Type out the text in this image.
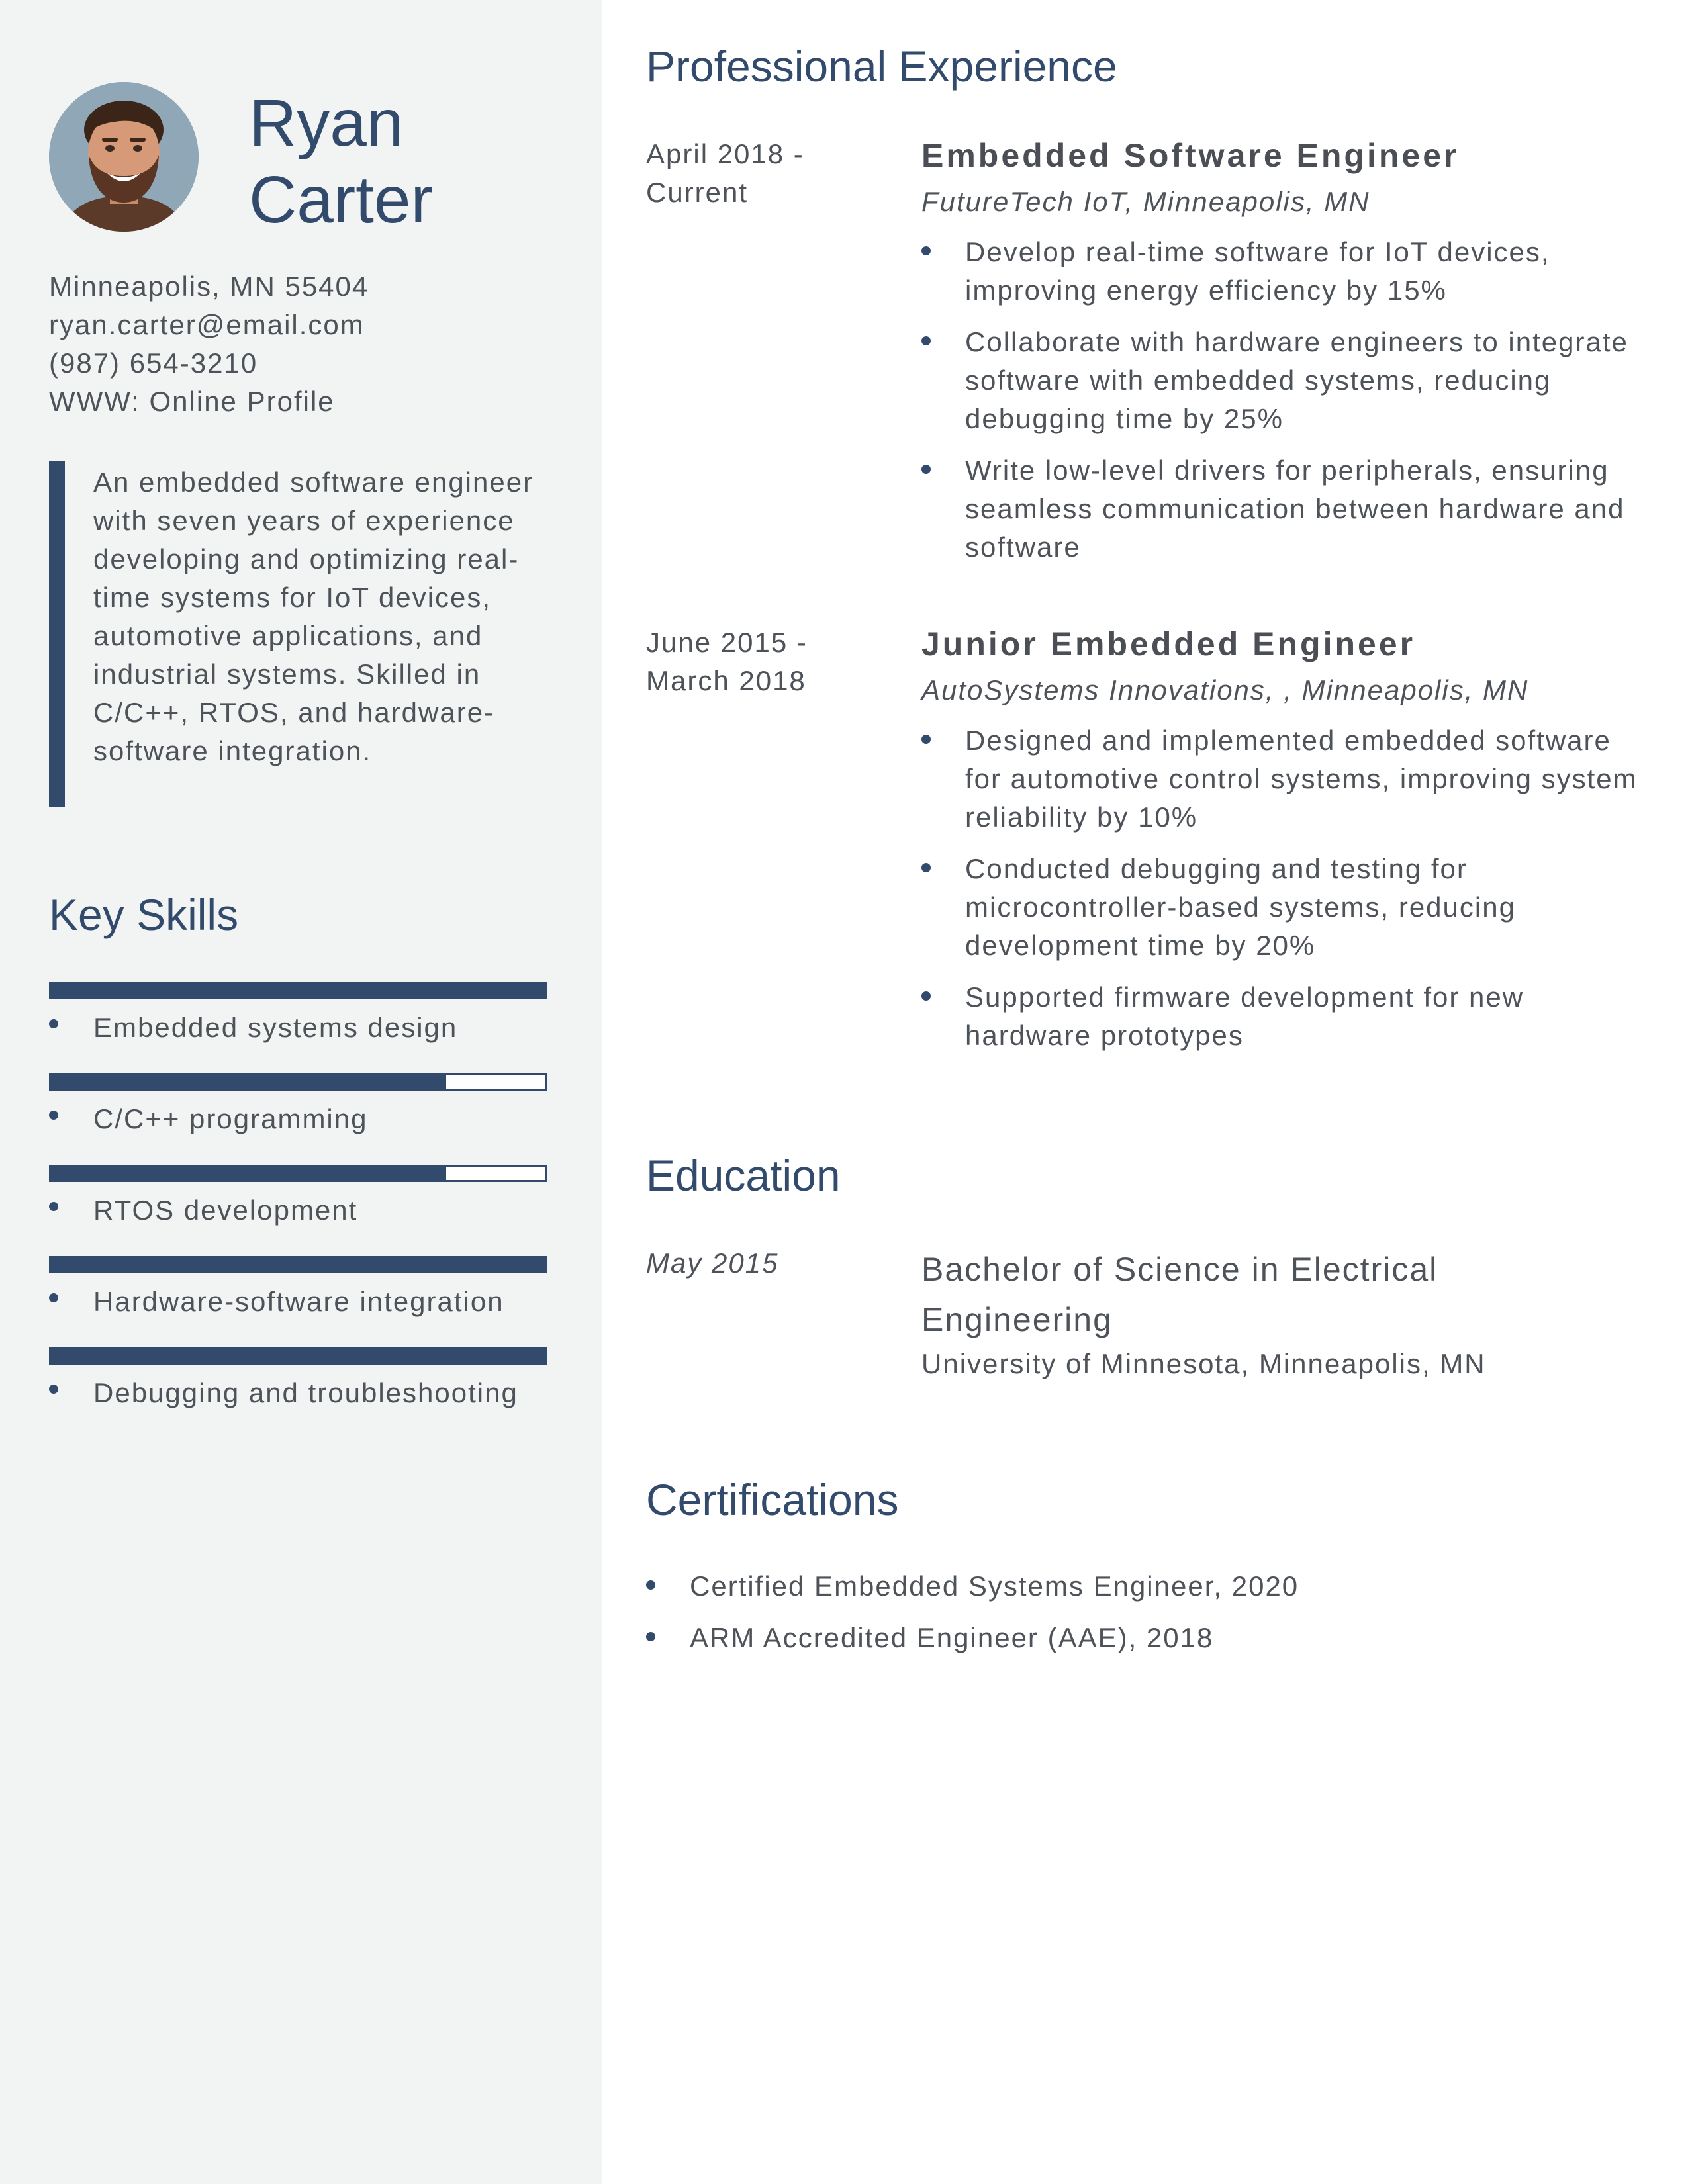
Ryan
Carter
Minneapolis, MN 55404
ryan.carter@email.com
(987) 654-3210
WWW: Online Profile

An embedded software engineer with seven years of experience developing and optimizing real-time systems for IoT devices, automotive applications, and industrial systems. Skilled in C/C++, RTOS, and hardware-software integration.

Key Skills
Embedded systems design
C/C++ programming
RTOS development
Hardware-software integration
Debugging and troubleshooting
Professional Experience
April 2018 - Current
Embedded Software Engineer

FutureTech IoT, Minneapolis, MN

Develop real-time software for IoT devices, improving energy efficiency by 15%
Collaborate with hardware engineers to integrate software with embedded systems, reducing debugging time by 25%
Write low-level drivers for peripherals, ensuring seamless communication between hardware and software
June 2015 - March 2018
Junior Embedded Engineer

AutoSystems Innovations, , Minneapolis, MN

Designed and implemented embedded software for automotive control systems, improving system reliability by 10%
Conducted debugging and testing for microcontroller-based systems, reducing development time by 20%
Supported firmware development for new hardware prototypes
Education
May 2015	Bachelor of Science in Electrical Engineering

University of Minnesota, Minneapolis, MN

Certifications
Certified Embedded Systems Engineer, 2020
ARM Accredited Engineer (AAE), 2018
